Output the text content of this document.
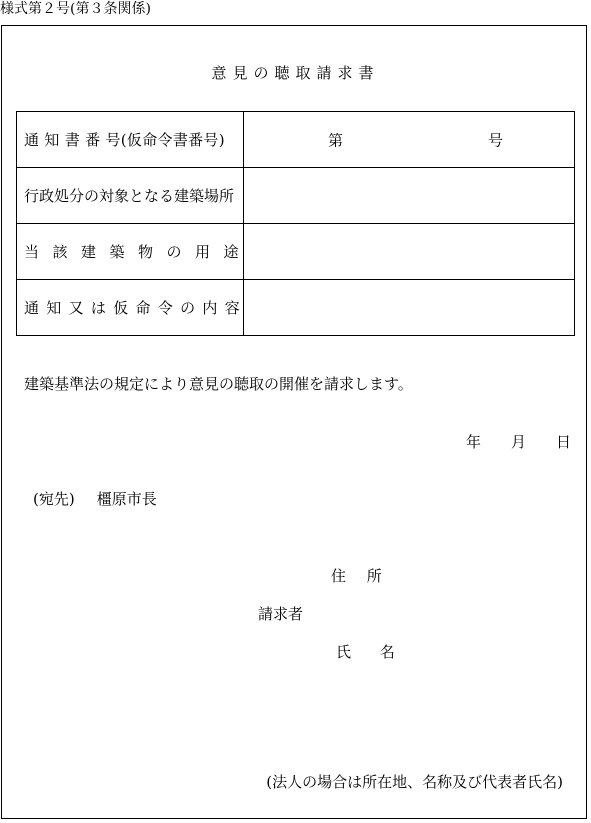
様式第２号(第３条関係)
意見の聴取請求書
通 知 書 番 号(仮命令書番号)	第 号

行政処分の対象となる建築場所	
当該建築物の用途	
通知又は仮命令の内容	
建築基準法の規定により意見の聴取の開催を請求します。
年 月 日
(宛先) 橿原市長
住 所
請求者
氏 名
(法人の場合は所在地、名称及び代表者氏名)
